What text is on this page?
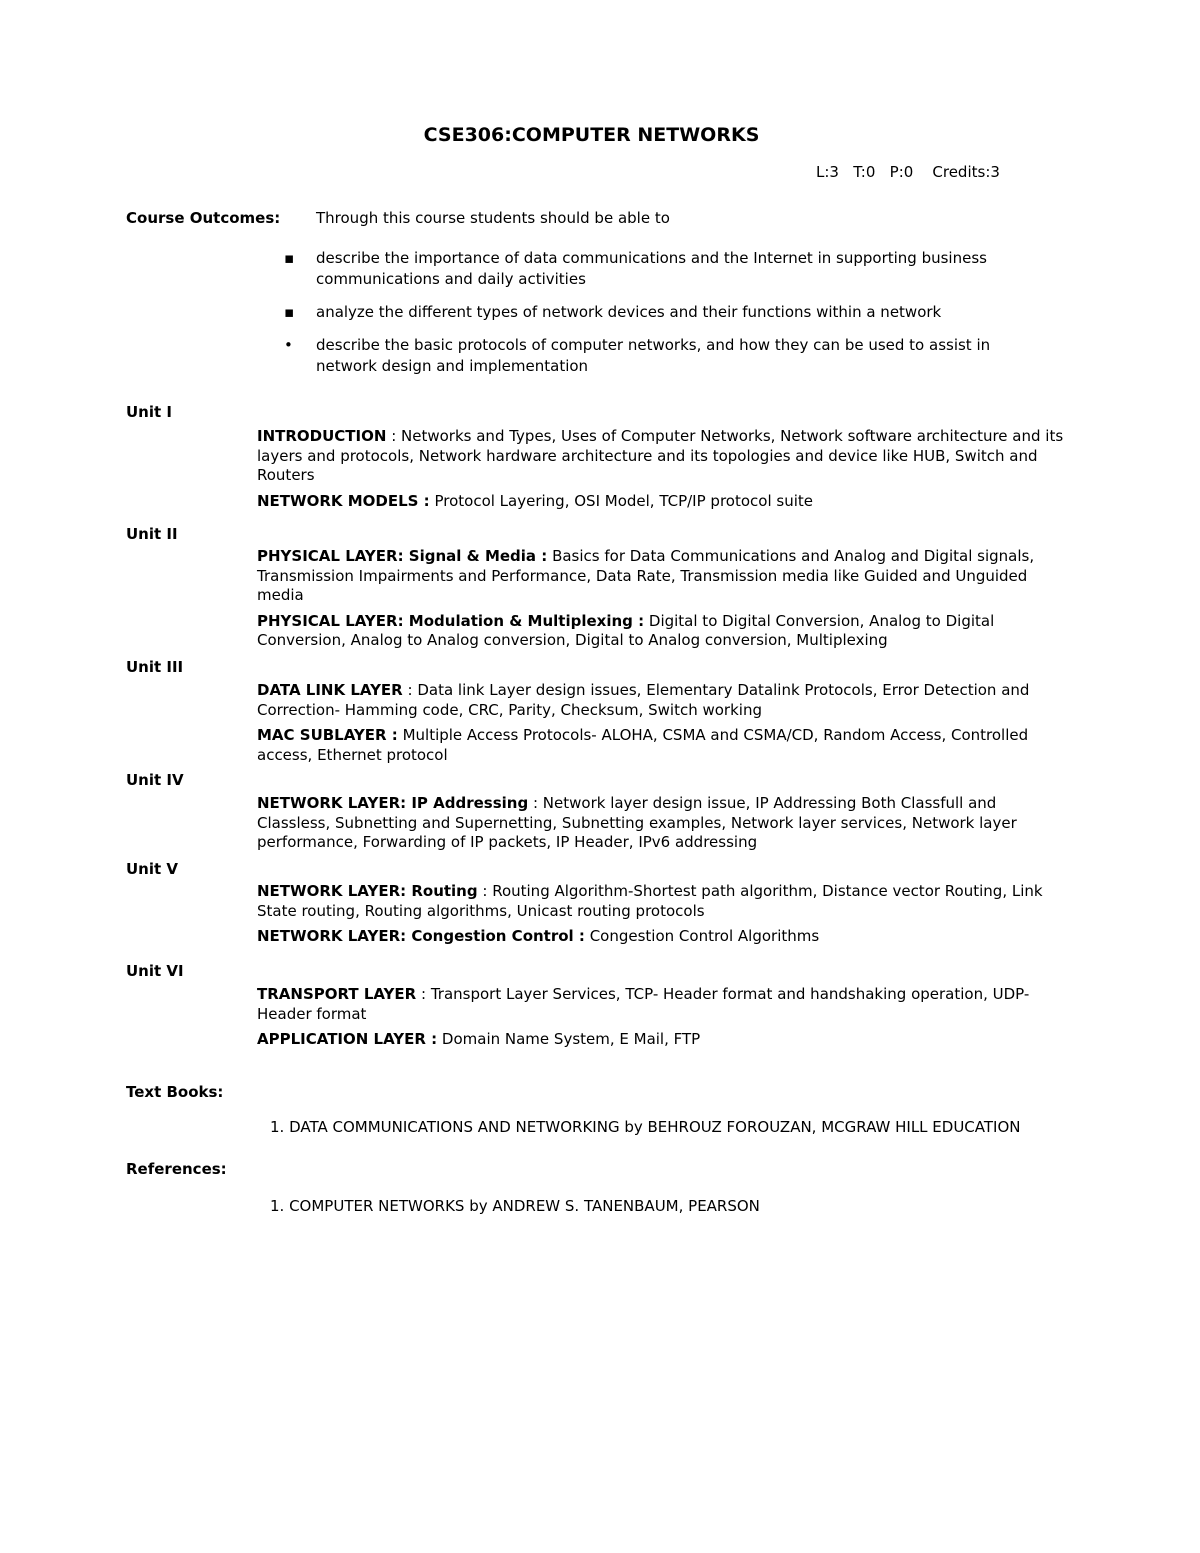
CSE306:COMPUTER NETWORKS
L:3   T:0   P:0    Credits:3
Course Outcomes: Through this course students should be able to
▪ describe the importance of data communications and the Internet in supporting business communications and daily activities
▪ analyze the different types of network devices and their functions within a network
• describe the basic protocols of computer networks, and how they can be used to assist in network design and implementation
Unit I

INTRODUCTION : Networks and Types, Uses of Computer Networks, Network software architecture and its layers and protocols, Network hardware architecture and its topologies and device like HUB, Switch and Routers

NETWORK MODELS : Protocol Layering, OSI Model, TCP/IP protocol suite

Unit II

PHYSICAL LAYER: Signal & Media : Basics for Data Communications and Analog and Digital signals, Transmission Impairments and Performance, Data Rate, Transmission media like Guided and Unguided media

PHYSICAL LAYER: Modulation & Multiplexing : Digital to Digital Conversion, Analog to Digital Conversion, Analog to Analog conversion, Digital to Analog conversion, Multiplexing

Unit III

DATA LINK LAYER : Data link Layer design issues, Elementary Datalink Protocols, Error Detection and Correction- Hamming code, CRC, Parity, Checksum, Switch working

MAC SUBLAYER : Multiple Access Protocols- ALOHA, CSMA and CSMA/CD, Random Access, Controlled access, Ethernet protocol

Unit IV

NETWORK LAYER: IP Addressing : Network layer design issue, IP Addressing Both Classfull and Classless, Subnetting and Supernetting, Subnetting examples, Network layer services, Network layer performance, Forwarding of IP packets, IP Header, IPv6 addressing

Unit V

NETWORK LAYER: Routing : Routing Algorithm-Shortest path algorithm, Distance vector Routing, Link State routing, Routing algorithms, Unicast routing protocols

NETWORK LAYER: Congestion Control : Congestion Control Algorithms

Unit VI

TRANSPORT LAYER : Transport Layer Services, TCP- Header format and handshaking operation, UDP- Header format

APPLICATION LAYER : Domain Name System, E Mail, FTP

Text Books:
1. DATA COMMUNICATIONS AND NETWORKING by BEHROUZ FOROUZAN, MCGRAW HILL EDUCATION
References:
1. COMPUTER NETWORKS by ANDREW S. TANENBAUM, PEARSON
